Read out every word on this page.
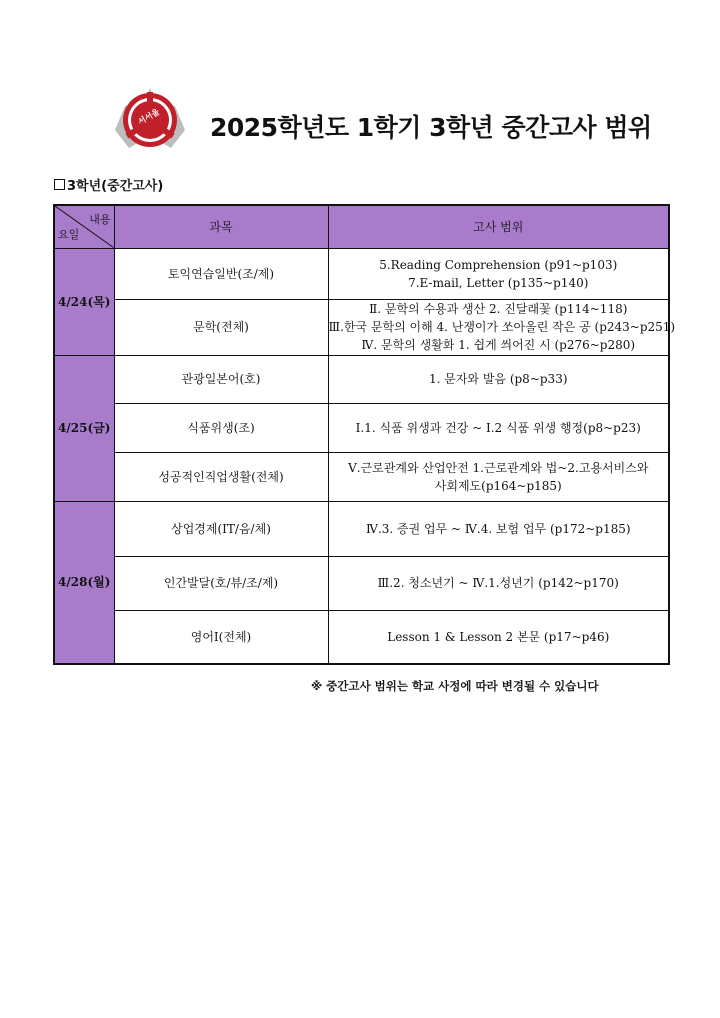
서서울 2025학년도 1학기 3학년 중간고사 범위
3학년(중간고사)
내용
요일	과목	고사 범위
4/24(목)	토익연습일반(조/제)	5.Reading Comprehension (p91~p103)
7.E-mail, Letter (p135~p140)

	문학(전체)	Ⅱ. 문학의 수용과 생산 2. 진달래꽃 (p114~118)
Ⅲ.한국 문학의 이해 4. 난쟁이가 쏘아올린 작은 공 (p243~p251)
Ⅳ. 문학의 생활화 1. 쉽게 씌어진 시 (p276~p280)

4/25(금)	관광일본어(호)	1. 문자와 발음 (p8~p33)

	식품위생(조)	Ⅰ.1. 식품 위생과 건강 ~ Ⅰ.2 식품 위생 행정(p8~p23)

	성공적인직업생활(전체)	Ⅴ.근로관계와 산업안전 1.근로관계와 법~2.고용서비스와
사회제도(p164~p185)

4/28(월)	상업경제(IT/음/체)	Ⅳ.3. 증권 업무 ~ Ⅳ.4. 보험 업무 (p172~p185)

	인간발달(호/뷰/조/제)	Ⅲ.2. 청소년기 ~ Ⅳ.1.성년기 (p142~p170)

	영어Ⅰ(전체)	Lesson 1 & Lesson 2 본문 (p17~p46)
※ 중간고사 범위는 학교 사정에 따라 변경될 수 있습니다
